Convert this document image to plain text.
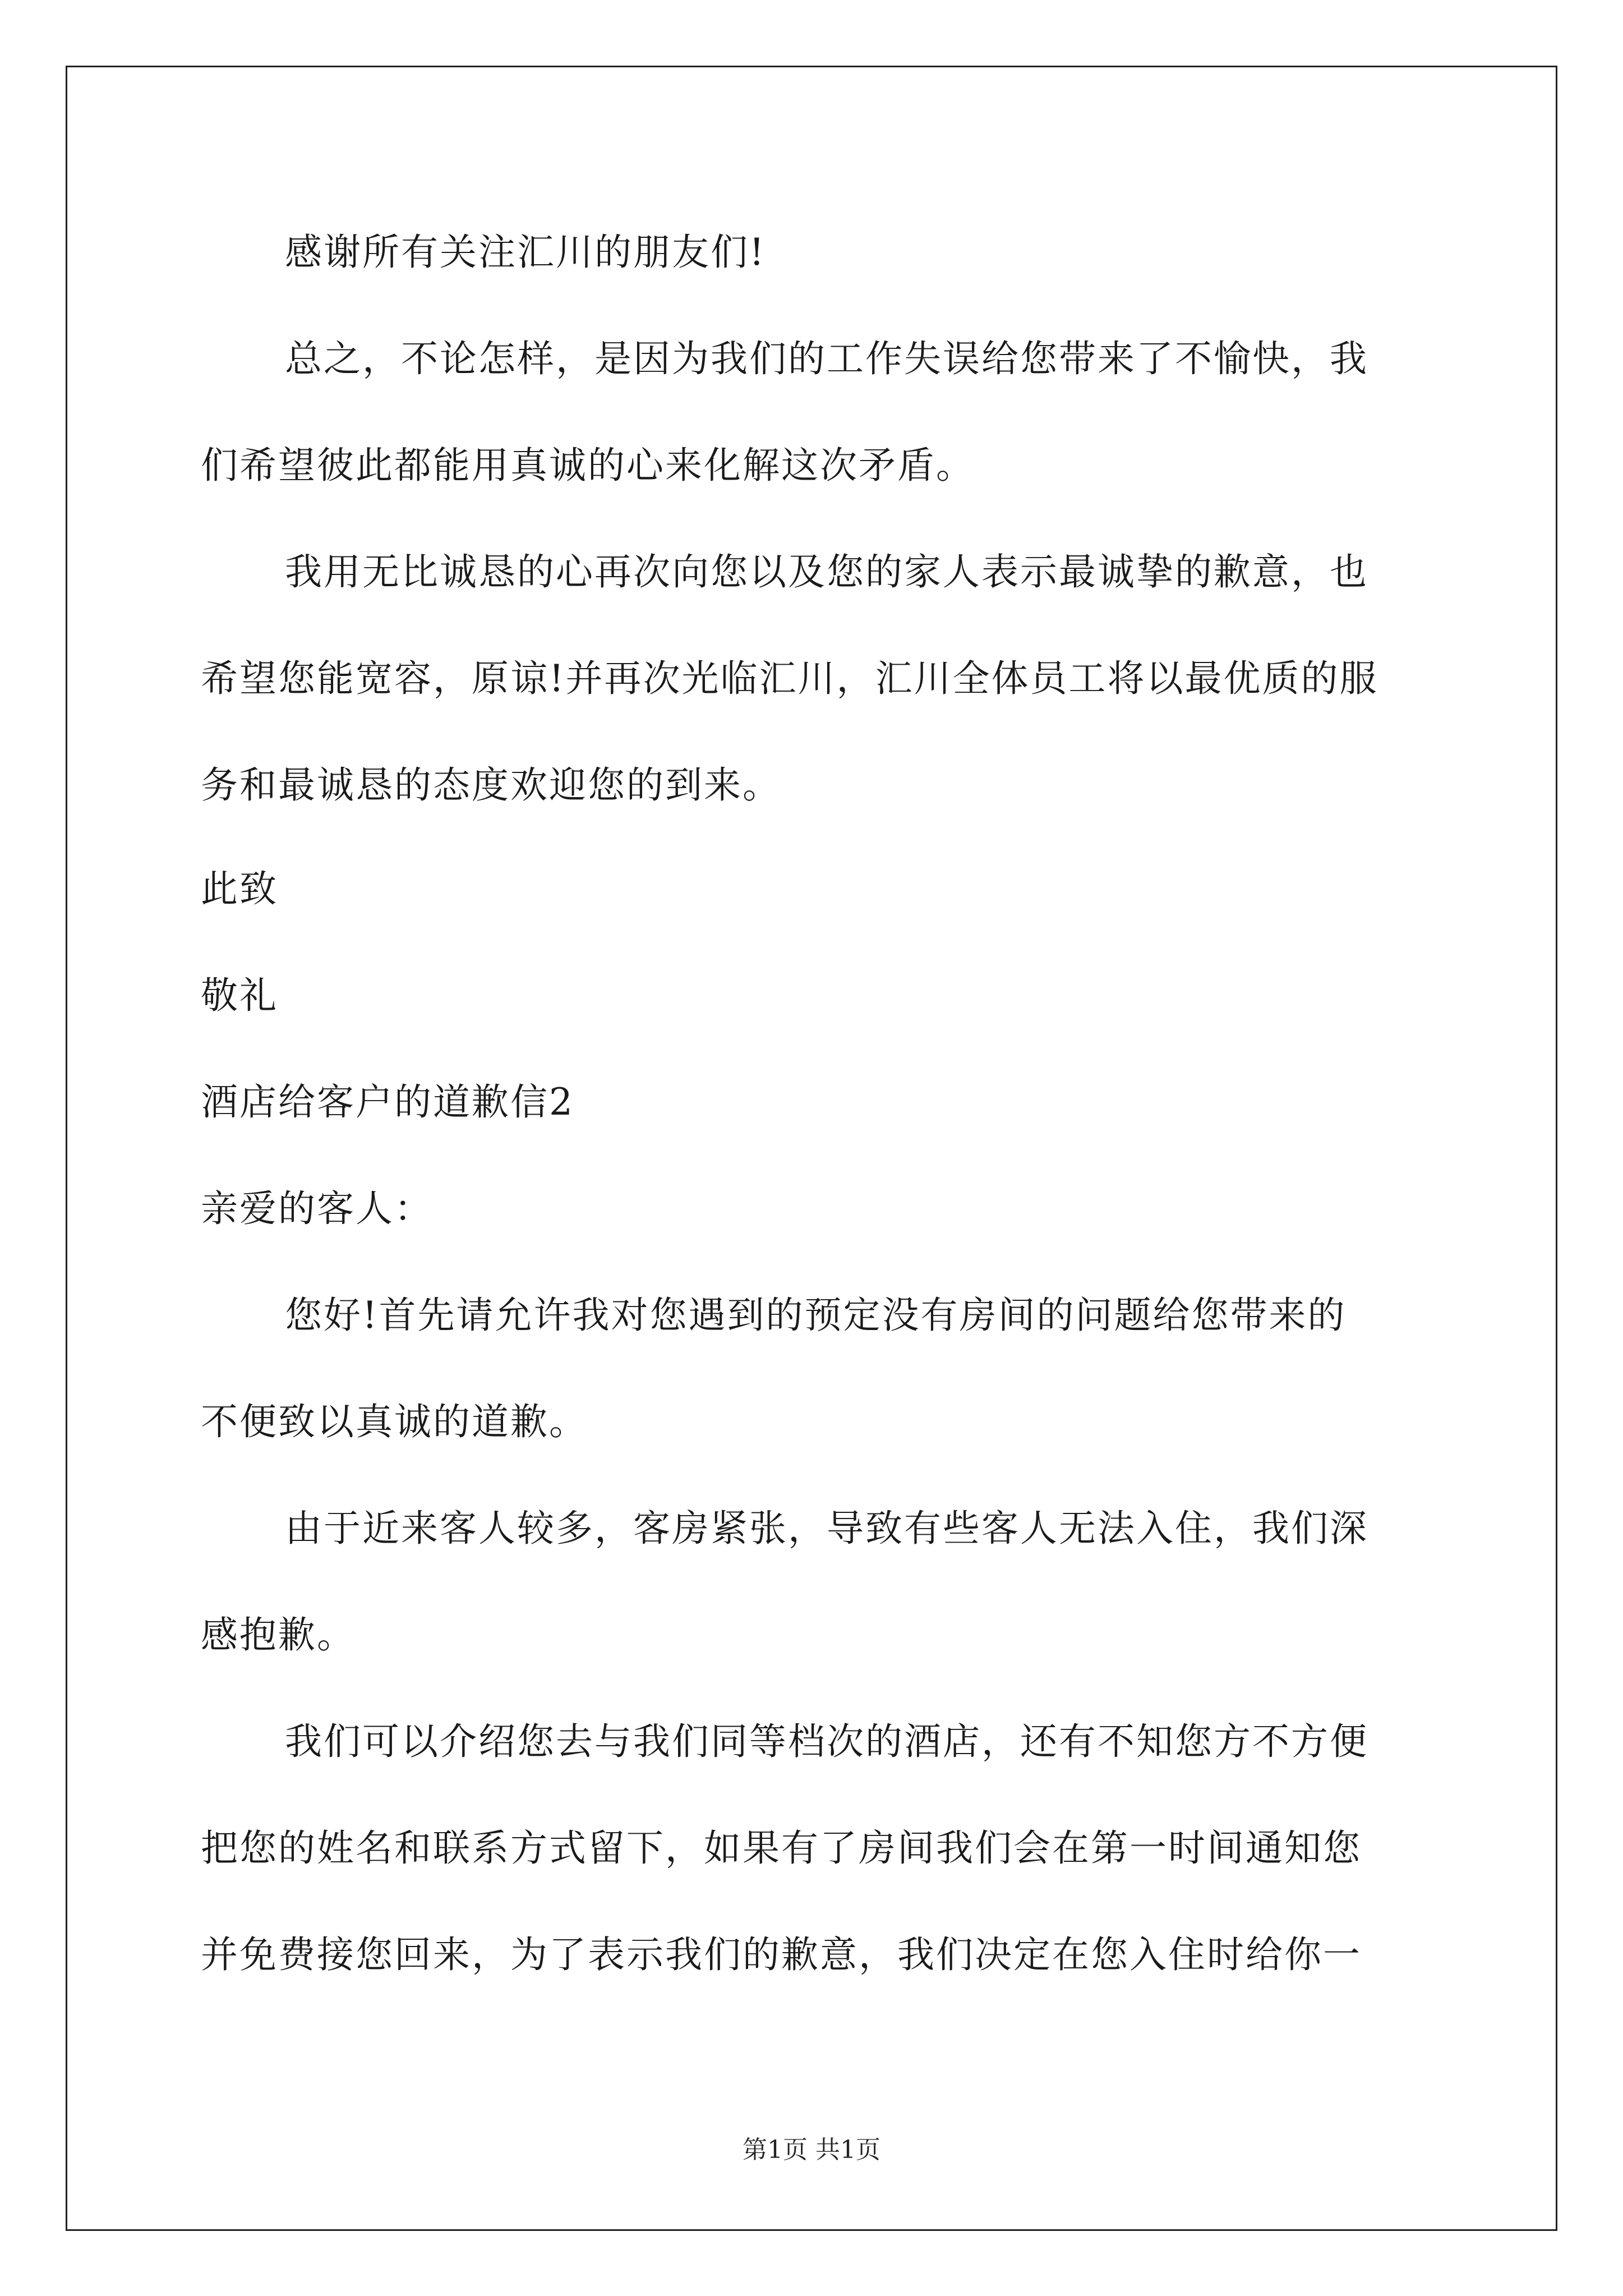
感谢所有关注汇川的朋友们!
总之，不论怎样，是因为我们的工作失误给您带来了不愉快，我
们希望彼此都能用真诚的心来化解这次矛盾。
我用无比诚恳的心再次向您以及您的家人表示最诚挚的歉意，也
希望您能宽容，原谅!并再次光临汇川，汇川全体员工将以最优质的服
务和最诚恳的态度欢迎您的到来。
此致
敬礼
酒店给客户的道歉信2
亲爱的客人：
您好!首先请允许我对您遇到的预定没有房间的问题给您带来的
不便致以真诚的道歉。
由于近来客人较多，客房紧张，导致有些客人无法入住，我们深
感抱歉。
我们可以介绍您去与我们同等档次的酒店，还有不知您方不方便
把您的姓名和联系方式留下，如果有了房间我们会在第一时间通知您
并免费接您回来，为了表示我们的歉意，我们决定在您入住时给你一
第1页 共1页
